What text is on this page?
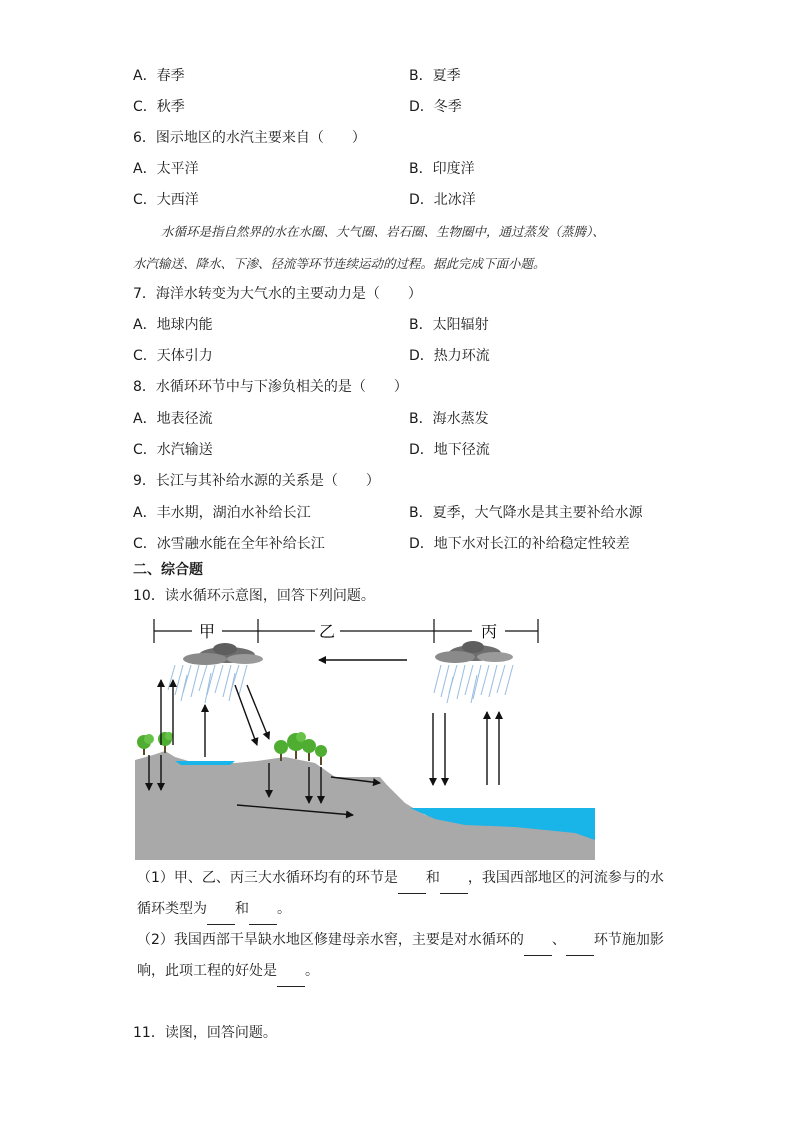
A．春季	B．夏季
C．秋季	D．冬季
6．图示地区的水汽主要来自（　　）
A．太平洋	B．印度洋
C．大西洋	D．北冰洋
水循环是指自然界的水在水圈、大气圈、岩石圈、生物圈中，通过蒸发（蒸腾）、
水汽输送、降水、下渗、径流等环节连续运动的过程。据此完成下面小题。
7．海洋水转变为大气水的主要动力是（　　）
A．地球内能	B．太阳辐射
C．天体引力	D．热力环流
8．水循环环节中与下渗负相关的是（　　）
A．地表径流	B．海水蒸发
C．水汽输送	D．地下径流
9．长江与其补给水源的关系是（　　）
A．丰水期，湖泊水补给长江	B．夏季，大气降水是其主要补给水源
C．冰雪融水能在全年补给长江	D．地下水对长江的补给稳定性较差
二、综合题
10．读水循环示意图，回答下列问题。
甲	乙	丙
（1）甲、乙、丙三大水循环均有的环节是 和 ，我国西部地区的河流参与的水
循环类型为 和 。
（2）我国西部干旱缺水地区修建母亲水窖，主要是对水循环的 、 环节施加影
响，此项工程的好处是 。
11．读图，回答问题。
